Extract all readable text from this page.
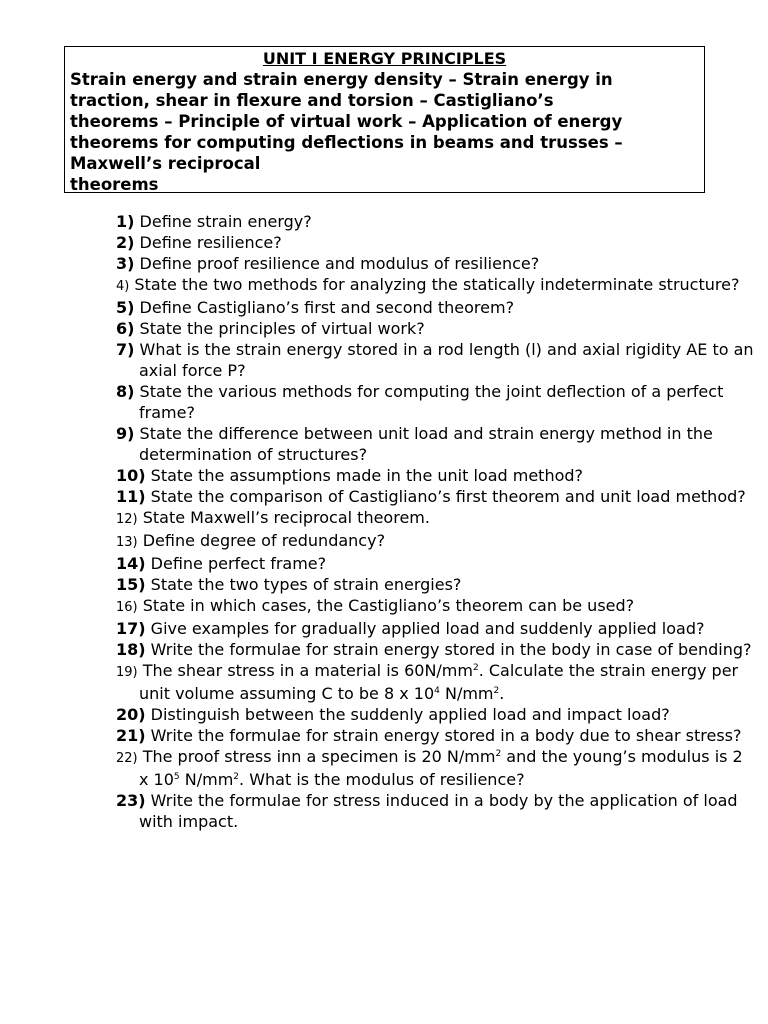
UNIT I ENERGY PRINCIPLES
Strain energy and strain energy density – Strain energy in
traction, shear in flexure and torsion – Castigliano’s
theorems – Principle of virtual work – Application of energy
theorems for computing deflections in beams and trusses –
Maxwell’s reciprocal
theorems
1) Define strain energy?
2) Define resilience?
3) Define proof resilience and modulus of resilience?
4) State the two methods for analyzing the statically indeterminate structure?
5) Define Castigliano’s first and second theorem?
6) State the principles of virtual work?
7) What is the strain energy stored in a rod length (l) and axial rigidity AE to an axial force P?
8) State the various methods for computing the joint deflection of a perfect frame?
9) State the difference between unit load and strain energy method in the determination of structures?
10) State the assumptions made in the unit load method?
11) State the comparison of Castigliano’s first theorem and unit load method?
12) State Maxwell’s reciprocal theorem.
13) Define degree of redundancy?
14) Define perfect frame?
15) State the two types of strain energies?
16) State in which cases, the Castigliano’s theorem can be used?
17) Give examples for gradually applied load and suddenly applied load?
18) Write the formulae for strain energy stored in the body in case of bending?
19) The shear stress in a material is $60N/mm^2$. Calculate the strain energy per unit volume assuming C to be 8 x $10^4$ $N/mm^2$.
20) Distinguish between the suddenly applied load and impact load?
21) Write the formulae for strain energy stored in a body due to shear stress?
22) The proof stress inn a specimen is 20 $N/mm^2$ and the young’s modulus is 2 x $10^5$ $N/mm^2$. What is the modulus of resilience?
23) Write the formulae for stress induced in a body by the application of load with impact.
